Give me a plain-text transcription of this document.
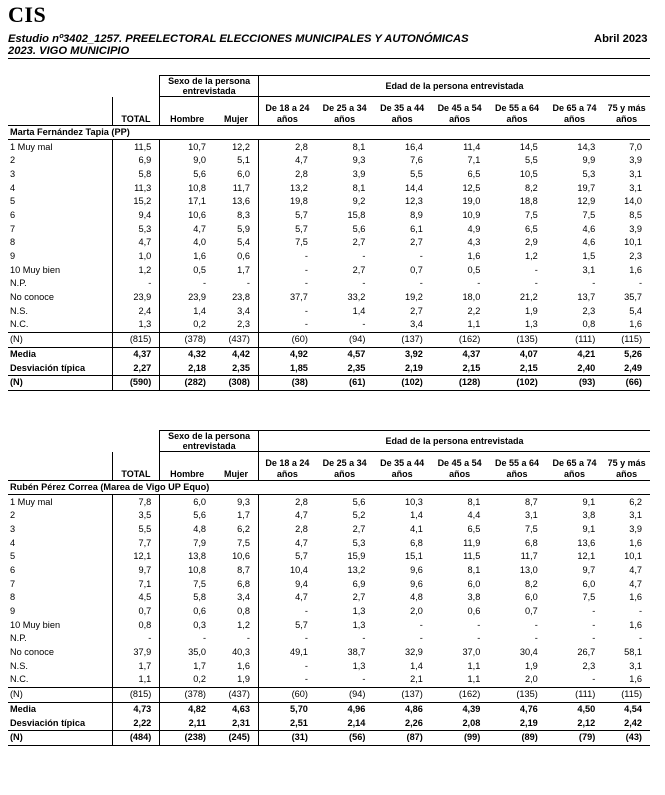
CIS
Estudio nº3402_1257. PREELECTORAL ELECCIONES MUNICIPALES Y AUTONÓMICAS
2023. VIGO MUNICIPIO
Abril 2023
		Sexo de la persona entrevistada		Edad de la persona entrevistada						
	TOTAL	Hombre	Mujer	De 18 a 24 años	De 25 a 34 años	De 35 a 44 años	De 45 a 54 años	De 55 a 64 años	De 65 a 74 años	75 y más años
Marta Fernández Tapia (PP)										
1 Muy mal	11,5	10,7	12,2	2,8	8,1	16,4	11,4	14,5	14,3	7,0
2	6,9	9,0	5,1	4,7	9,3	7,6	7,1	5,5	9,9	3,9
3	5,8	5,6	6,0	2,8	3,9	5,5	6,5	10,5	5,3	3,1
4	11,3	10,8	11,7	13,2	8,1	14,4	12,5	8,2	19,7	3,1
5	15,2	17,1	13,6	19,8	9,2	12,3	19,0	18,8	12,9	14,0
6	9,4	10,6	8,3	5,7	15,8	8,9	10,9	7,5	7,5	8,5
7	5,3	4,7	5,9	5,7	5,6	6,1	4,9	6,5	4,6	3,9
8	4,7	4,0	5,4	7,5	2,7	2,7	4,3	2,9	4,6	10,1
9	1,0	1,6	0,6	-	-	-	1,6	1,2	1,5	2,3
10 Muy bien	1,2	0,5	1,7	-	2,7	0,7	0,5	-	3,1	1,6
N.P.	-	-	-	-	-	-	-	-	-	-
No conoce	23,9	23,9	23,8	37,7	33,2	19,2	18,0	21,2	13,7	35,7
N.S.	2,4	1,4	3,4	-	1,4	2,7	2,2	1,9	2,3	5,4
N.C.	1,3	0,2	2,3	-	-	3,4	1,1	1,3	0,8	1,6
(N)	(815)	(378)	(437)	(60)	(94)	(137)	(162)	(135)	(111)	(115)
Media	4,37	4,32	4,42	4,92	4,57	3,92	4,37	4,07	4,21	5,26
Desviación típica	2,27	2,18	2,35	1,85	2,35	2,19	2,15	2,15	2,40	2,49
(N)	(590)	(282)	(308)	(38)	(61)	(102)	(128)	(102)	(93)	(66)
		Sexo de la persona entrevistada		Edad de la persona entrevistada						
	TOTAL	Hombre	Mujer	De 18 a 24 años	De 25 a 34 años	De 35 a 44 años	De 45 a 54 años	De 55 a 64 años	De 65 a 74 años	75 y más años
Rubén Pérez Correa (Marea de Vigo UP Equo)										
1 Muy mal	7,8	6,0	9,3	2,8	5,6	10,3	8,1	8,7	9,1	6,2
2	3,5	5,6	1,7	4,7	5,2	1,4	4,4	3,1	3,8	3,1
3	5,5	4,8	6,2	2,8	2,7	4,1	6,5	7,5	9,1	3,9
4	7,7	7,9	7,5	4,7	5,3	6,8	11,9	6,8	13,6	1,6
5	12,1	13,8	10,6	5,7	15,9	15,1	11,5	11,7	12,1	10,1
6	9,7	10,8	8,7	10,4	13,2	9,6	8,1	13,0	9,7	4,7
7	7,1	7,5	6,8	9,4	6,9	9,6	6,0	8,2	6,0	4,7
8	4,5	5,8	3,4	4,7	2,7	4,8	3,8	6,0	7,5	1,6
9	0,7	0,6	0,8	-	1,3	2,0	0,6	0,7	-	-
10 Muy bien	0,8	0,3	1,2	5,7	1,3	-	-	-	-	1,6
N.P.	-	-	-	-	-	-	-	-	-	-
No conoce	37,9	35,0	40,3	49,1	38,7	32,9	37,0	30,4	26,7	58,1
N.S.	1,7	1,7	1,6	-	1,3	1,4	1,1	1,9	2,3	3,1
N.C.	1,1	0,2	1,9	-	-	2,1	1,1	2,0	-	1,6
(N)	(815)	(378)	(437)	(60)	(94)	(137)	(162)	(135)	(111)	(115)
Media	4,73	4,82	4,63	5,70	4,96	4,86	4,39	4,76	4,50	4,54
Desviación típica	2,22	2,11	2,31	2,51	2,14	2,26	2,08	2,19	2,12	2,42
(N)	(484)	(238)	(245)	(31)	(56)	(87)	(99)	(89)	(79)	(43)
